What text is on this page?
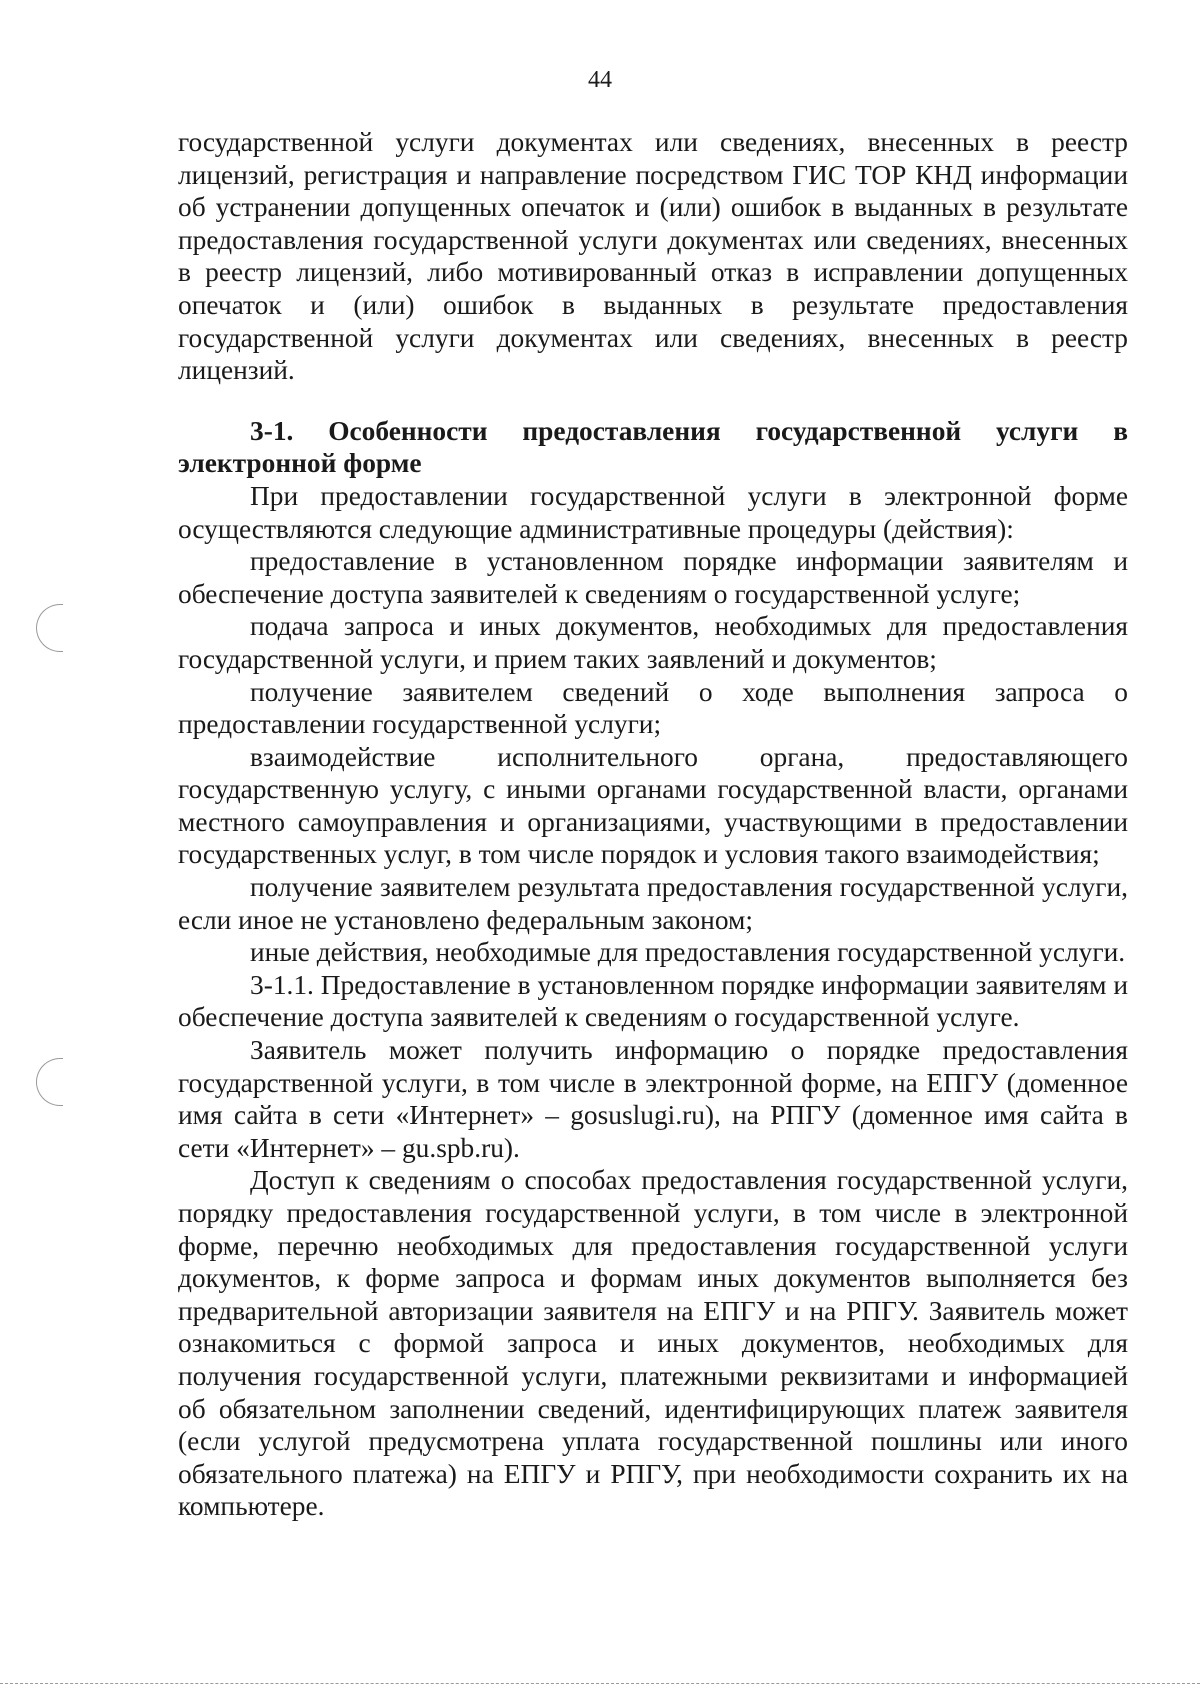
44

государственной услуги документах или сведениях, внесенных в реестр лицензий, регистрация и направление посредством ГИС ТОР КНД информации об устранении допущенных опечаток и (или) ошибок в выданных в результате предоставления государственной услуги документах или сведениях, внесенных в реестр лицензий, либо мотивированный отказ в исправлении допущенных опечаток и (или) ошибок в выданных в результате предоставления государственной услуги документах или сведениях, внесенных в реестр лицензий.

3-1. Особенности предоставления государственной услуги в электронной форме

При предоставлении государственной услуги в электронной форме осуществляются следующие административные процедуры (действия):

предоставление в установленном порядке информации заявителям и обеспечение доступа заявителей к сведениям о государственной услуге;

подача запроса и иных документов, необходимых для предоставления государственной услуги, и прием таких заявлений и документов;

получение заявителем сведений о ходе выполнения запроса о предоставлении государственной услуги;

взаимодействие исполнительного органа, предоставляющего государственную услугу, с иными органами государственной власти, органами местного самоуправления и организациями, участвующими в предоставлении государственных услуг, в том числе порядок и условия такого взаимодействия;

получение заявителем результата предоставления государственной услуги, если иное не установлено федеральным законом;

иные действия, необходимые для предоставления государственной услуги.

3-1.1. Предоставление в установленном порядке информации заявителям и обеспечение доступа заявителей к сведениям о государственной услуге.

Заявитель может получить информацию о порядке предоставления государственной услуги, в том числе в электронной форме, на ЕПГУ (доменное имя сайта в сети «Интернет» – gosuslugi.ru), на РПГУ (доменное имя сайта в сети «Интернет» – gu.spb.ru).

Доступ к сведениям о способах предоставления государственной услуги, порядку предоставления государственной услуги, в том числе в электронной форме, перечню необходимых для предоставления государственной услуги документов, к форме запроса и формам иных документов выполняется без предварительной авторизации заявителя на ЕПГУ и на РПГУ. Заявитель может ознакомиться с формой запроса и иных документов, необходимых для получения государственной услуги, платежными реквизитами и информацией об обязательном заполнении сведений, идентифицирующих платеж заявителя (если услугой предусмотрена уплата государственной пошлины или иного обязательного платежа) на ЕПГУ и РПГУ, при необходимости сохранить их на компьютере.
